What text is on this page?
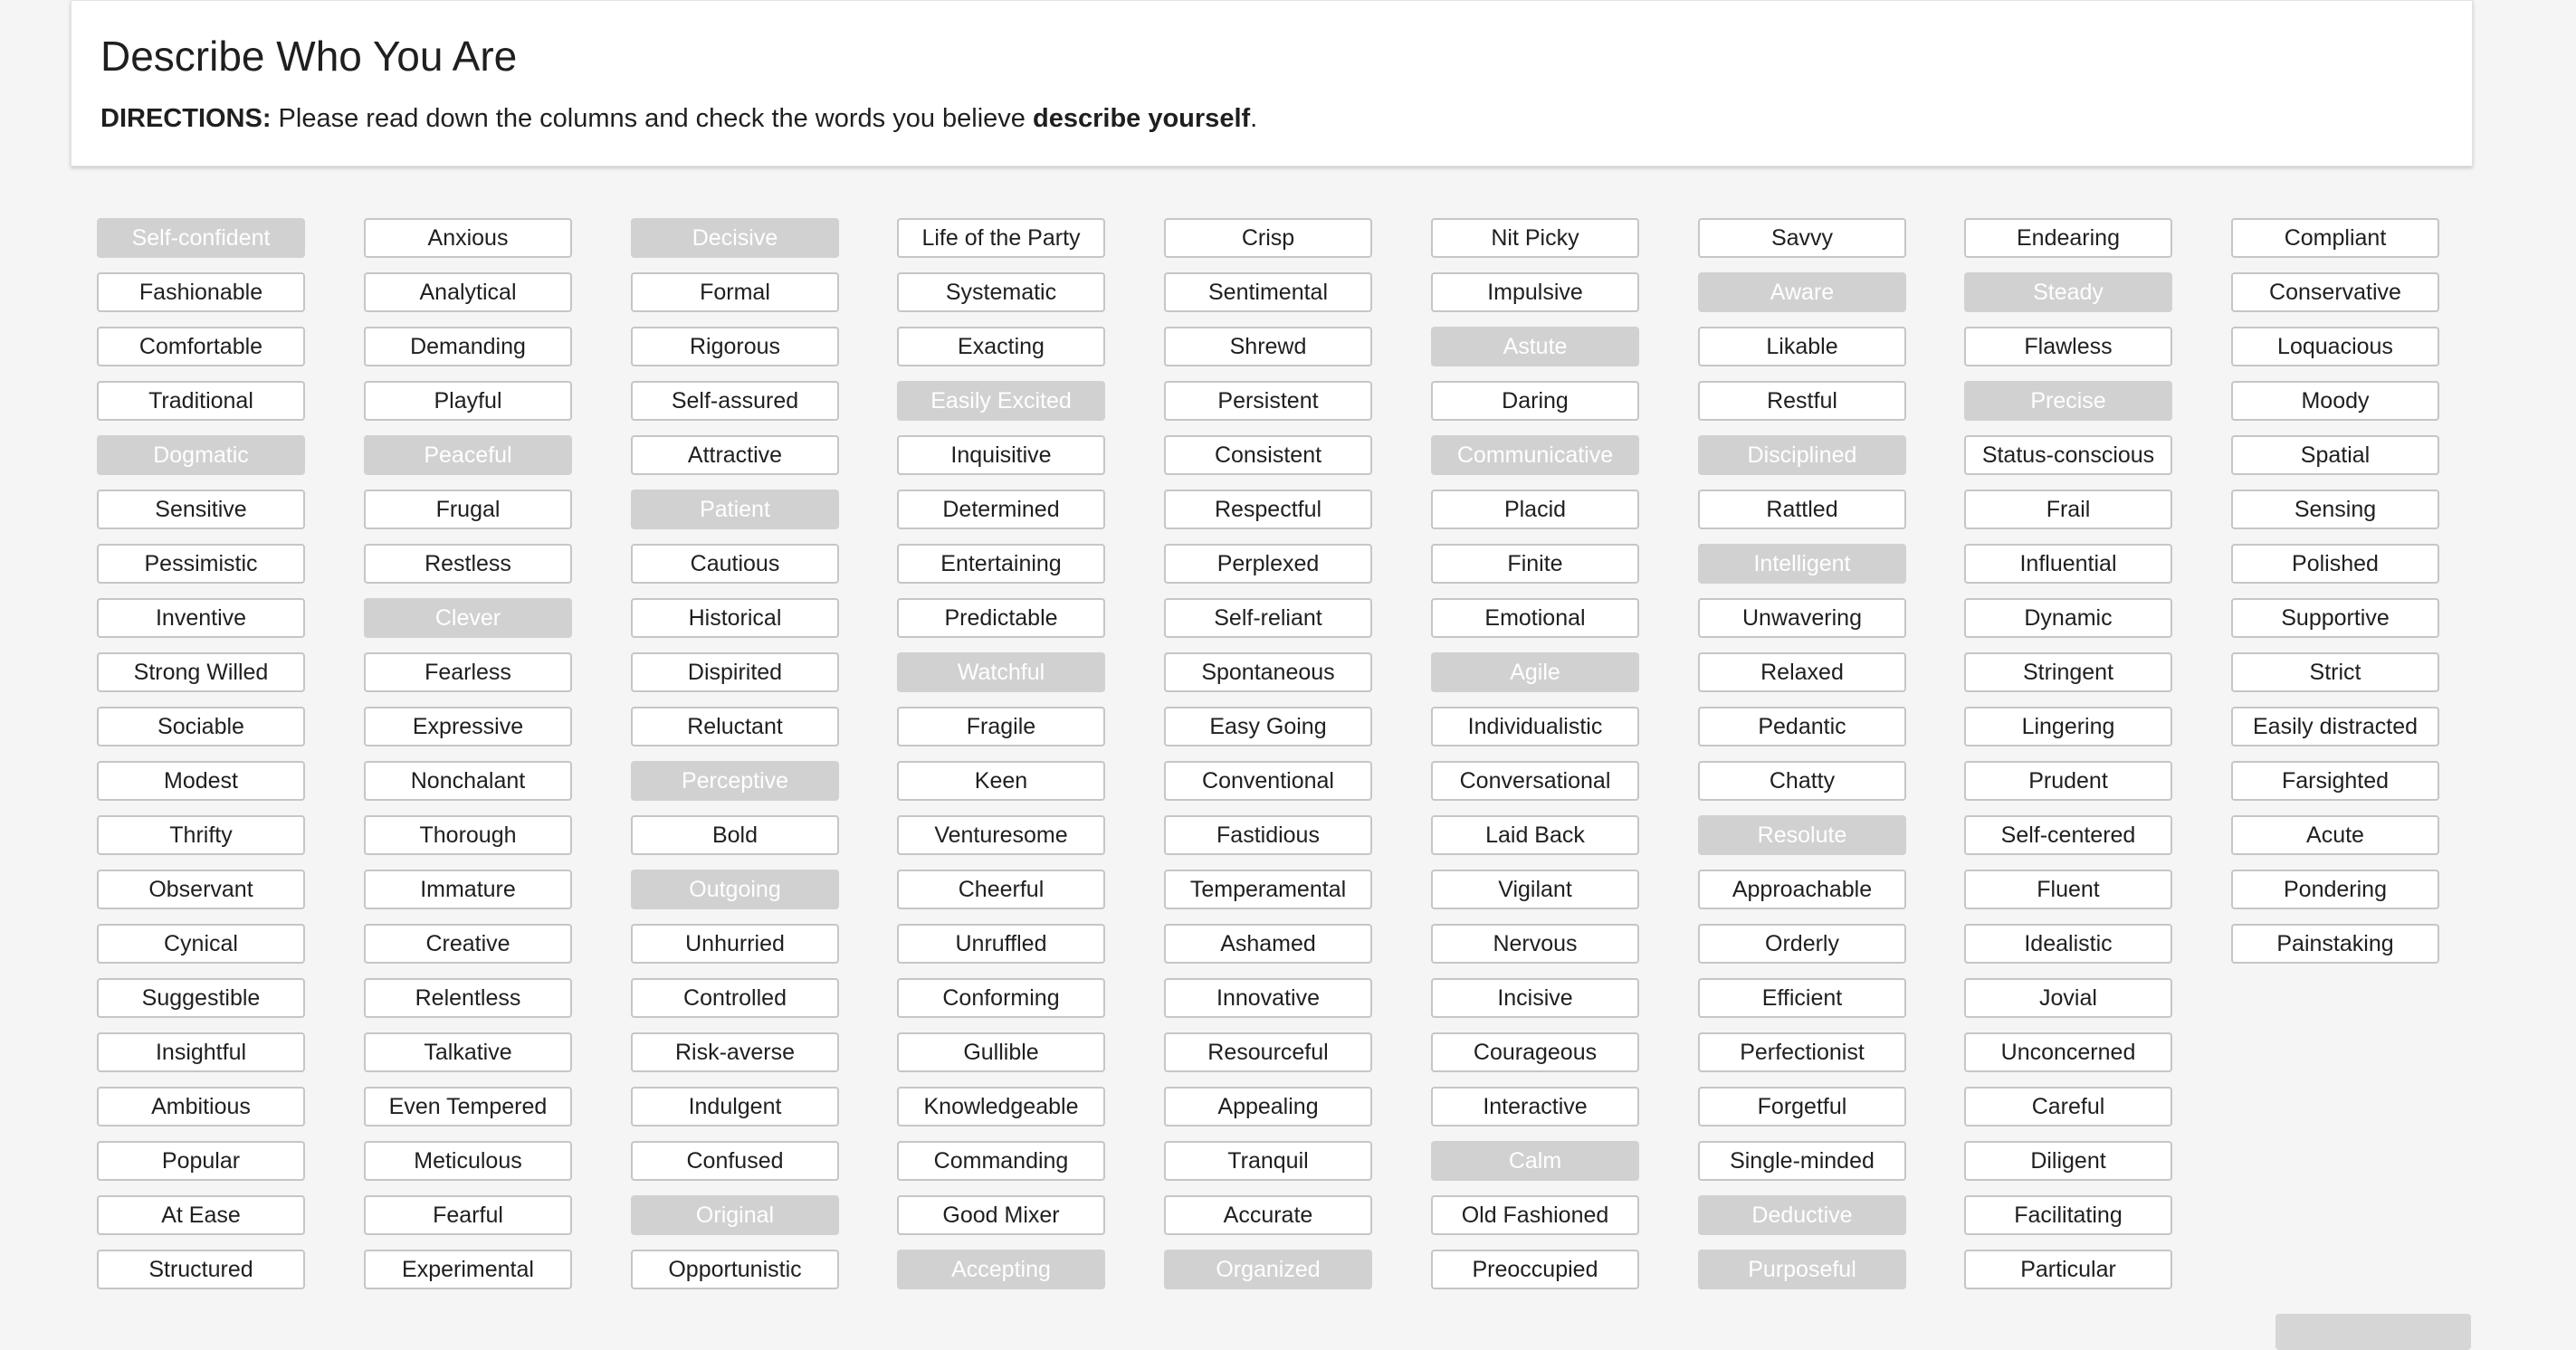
Describe Who You Are

DIRECTIONS: Please read down the columns and check the words you believe describe yourself.

Self-confident
Fashionable
Comfortable
Traditional
Dogmatic
Sensitive
Pessimistic
Inventive
Strong Willed
Sociable
Modest
Thrifty
Observant
Cynical
Suggestible
Insightful
Ambitious
Popular
At Ease
Structured
Anxious
Analytical
Demanding
Playful
Peaceful
Frugal
Restless
Clever
Fearless
Expressive
Nonchalant
Thorough
Immature
Creative
Relentless
Talkative
Even Tempered
Meticulous
Fearful
Experimental
Decisive
Formal
Rigorous
Self-assured
Attractive
Patient
Cautious
Historical
Dispirited
Reluctant
Perceptive
Bold
Outgoing
Unhurried
Controlled
Risk-averse
Indulgent
Confused
Original
Opportunistic
Life of the Party
Systematic
Exacting
Easily Excited
Inquisitive
Determined
Entertaining
Predictable
Watchful
Fragile
Keen
Venturesome
Cheerful
Unruffled
Conforming
Gullible
Knowledgeable
Commanding
Good Mixer
Accepting
Crisp
Sentimental
Shrewd
Persistent
Consistent
Respectful
Perplexed
Self-reliant
Spontaneous
Easy Going
Conventional
Fastidious
Temperamental
Ashamed
Innovative
Resourceful
Appealing
Tranquil
Accurate
Organized
Nit Picky
Impulsive
Astute
Daring
Communicative
Placid
Finite
Emotional
Agile
Individualistic
Conversational
Laid Back
Vigilant
Nervous
Incisive
Courageous
Interactive
Calm
Old Fashioned
Preoccupied
Savvy
Aware
Likable
Restful
Disciplined
Rattled
Intelligent
Unwavering
Relaxed
Pedantic
Chatty
Resolute
Approachable
Orderly
Efficient
Perfectionist
Forgetful
Single-minded
Deductive
Purposeful
Endearing
Steady
Flawless
Precise
Status-conscious
Frail
Influential
Dynamic
Stringent
Lingering
Prudent
Self-centered
Fluent
Idealistic
Jovial
Unconcerned
Careful
Diligent
Facilitating
Particular
Compliant
Conservative
Loquacious
Moody
Spatial
Sensing
Polished
Supportive
Strict
Easily distracted
Farsighted
Acute
Pondering
Painstaking
